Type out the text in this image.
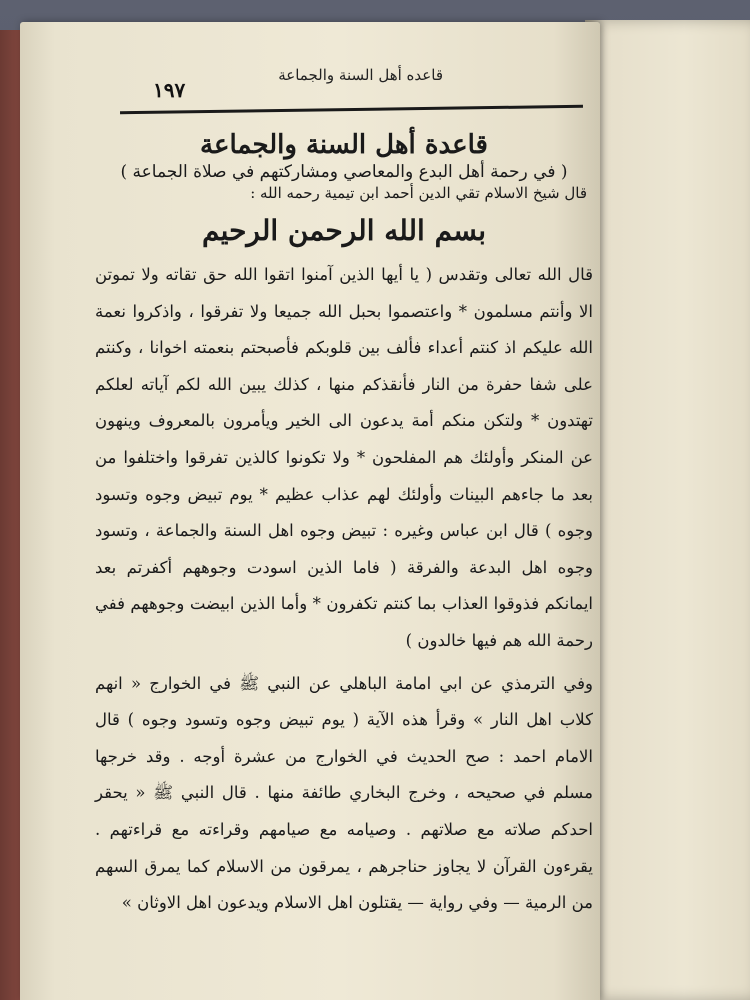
قاعده أهل السنة والجماعة
١٩٧
قاعدة أهل السنة والجماعة
( في رحمة أهل البدع والمعاصي ومشاركتهم في صلاة الجماعة )
قال شيخ الاسلام تقي الدين أحمد ابن تيمية رحمه الله :
بسم الله الرحمن الرحيم

قال الله تعالى وتقدس ( يا أيها الذين آمنوا اتقوا الله حق تقاته ولا تموتن الا وأنتم مسلمون * واعتصموا بحبل الله جميعا ولا تفرقوا ، واذكروا نعمة الله عليكم اذ كنتم أعداء فألف بين قلوبكم فأصبحتم بنعمته اخوانا ، وكنتم على شفا حفرة من النار فأنقذكم منها ، كذلك يبين الله لكم آياته لعلكم تهتدون * ولتكن منكم أمة يدعون الى الخير ويأمرون بالمعروف وينهون عن المنكر وأولئك هم المفلحون * ولا تكونوا كالذين تفرقوا واختلفوا من بعد ما جاءهم البينات وأولئك لهم عذاب عظيم * يوم تبيض وجوه وتسود وجوه ) قال ابن عباس وغيره : تبيض وجوه اهل السنة والجماعة ، وتسود وجوه اهل البدعة والفرقة ( فاما الذين اسودت وجوههم أكفرتم بعد ايمانكم فذوقوا العذاب بما كنتم تكفرون * وأما الذين ابيضت وجوههم ففي رحمة الله هم فيها خالدون )

وفي الترمذي عن ابي امامة الباهلي عن النبي ﷺ في الخوارج « انهم كلاب اهل النار » وقرأ هذه الآية ( يوم تبيض وجوه وتسود وجوه ) قال الامام احمد : صح الحديث في الخوارج من عشرة أوجه . وقد خرجها مسلم في صحيحه ، وخرج البخاري طائفة منها . قال النبي ﷺ « يحقر احدكم صلاته مع صلاتهم . وصيامه مع صيامهم وقراءته مع قراءتهم . يقرءون القرآن لا يجاوز حناجرهم ، يمرقون من الاسلام كما يمرق السهم من الرمية — وفي رواية — يقتلون اهل الاسلام ويدعون اهل الاوثان »
